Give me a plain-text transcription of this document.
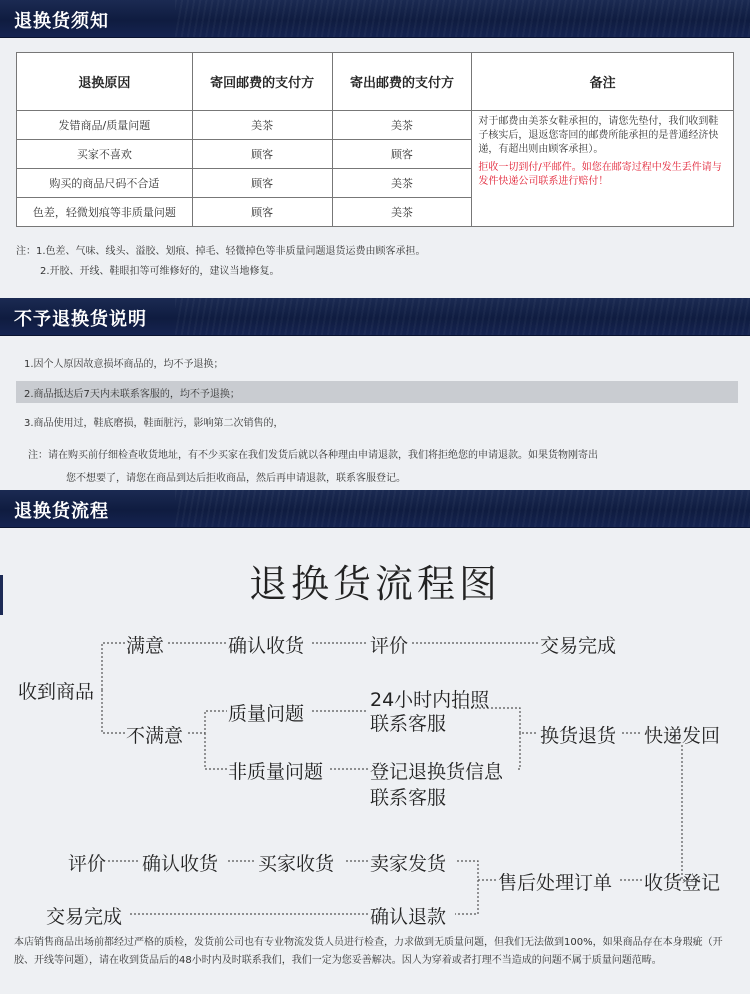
退换货须知
退换原因	寄回邮费的支付方	寄出邮费的支付方	备注
发错商品/质量问题	美茶	美茶	对于邮费由美茶女鞋承担的，请您先垫付，我们收到鞋子核实后，退返您寄回的邮费所能承担的是普通经济快递，有超出则由顾客承担）。
拒收一切到付/平邮件。如您在邮寄过程中发生丢件请与发件快递公司联系进行赔付！

买家不喜欢	顾客	顾客	
购买的商品尺码不合适	顾客	美茶	
色差，轻微划痕等非质量问题	顾客	美茶	
注：1.色差、气味、线头、溢胶、划痕、掉毛、轻微掉色等非质量问题退货运费由顾客承担。
2.开胶、开线、鞋眼扣等可维修好的，建议当地修复。
不予退换货说明

1.因个人原因故意损坏商品的，均不予退换；

2.商品抵达后7天内未联系客服的，均不予退换；

3.商品使用过，鞋底磨损，鞋面脏污，影响第二次销售的，

注：请在购买前仔细检查收货地址，有不少买家在我们发货后就以各种理由申请退款，我们将拒绝您的申请退款。如果货物刚寄出

您不想要了，请您在商品到达后拒收商品，然后再申请退款，联系客服登记。

退换货流程
退换货流程图
满意
收到商品
确认收货	评价	交易完成
不满意
质量问题
24小时内拍照
联系客服
非质量问题 登记退换货信息
联系客服
换货退货 快递发回
评价 确认收货 买家收货 卖家发货
售后处理订单 收货登记
交易完成	确认退款
本店销售商品出场前都经过严格的质检，发货前公司也有专业物流发货人员进行检查，力求做到无质量问题，但我们无法做到100%，如果商品存在本身瑕疵（开胶、开线等问题），请在收到货品后的48小时内及时联系我们，我们一定为您妥善解决。因人为穿着或者打理不当造成的问题不属于质量问题范畴。
